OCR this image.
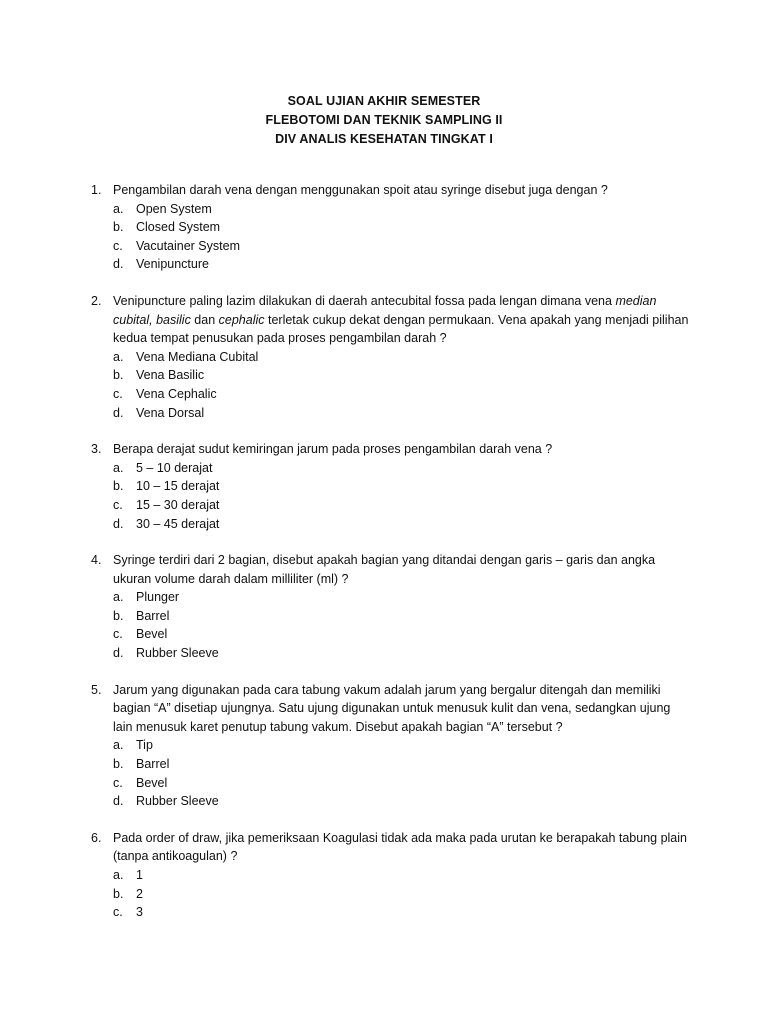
SOAL UJIAN AKHIR SEMESTER
FLEBOTOMI DAN TEKNIK SAMPLING II
DIV ANALIS KESEHATAN TINGKAT I
1. Pengambilan darah vena dengan menggunakan spoit atau syringe disebut juga dengan ?
a.	Open System
b.	Closed System
c.	Vacutainer System
d.	Venipuncture
2. Venipuncture paling lazim dilakukan di daerah antecubital fossa pada lengan dimana vena median cubital, basilic dan cephalic terletak cukup dekat dengan permukaan. Vena apakah yang menjadi pilihan kedua tempat penusukan pada proses pengambilan darah ?
a.	Vena Mediana Cubital
b.	Vena Basilic
c.	Vena Cephalic
d.	Vena Dorsal
3. Berapa derajat sudut kemiringan jarum pada proses pengambilan darah vena ?
a.	5 – 10 derajat
b.	10 – 15 derajat
c.	15 – 30 derajat
d.	30 – 45 derajat
4. Syringe terdiri dari 2 bagian, disebut apakah bagian yang ditandai dengan garis – garis dan angka ukuran volume darah dalam milliliter (ml) ?
a.	Plunger
b.	Barrel
c.	Bevel
d.	Rubber Sleeve
5. Jarum yang digunakan pada cara tabung vakum adalah jarum yang bergalur ditengah dan memiliki bagian “A” disetiap ujungnya. Satu ujung digunakan untuk menusuk kulit dan vena, sedangkan ujung lain menusuk karet penutup tabung vakum. Disebut apakah bagian “A” tersebut ?
a.	Tip
b.	Barrel
c.	Bevel
d.	Rubber Sleeve
6. Pada order of draw, jika pemeriksaan Koagulasi tidak ada maka pada urutan ke berapakah tabung plain (tanpa antikoagulan) ?
a.	1
b.	2
c.	3
